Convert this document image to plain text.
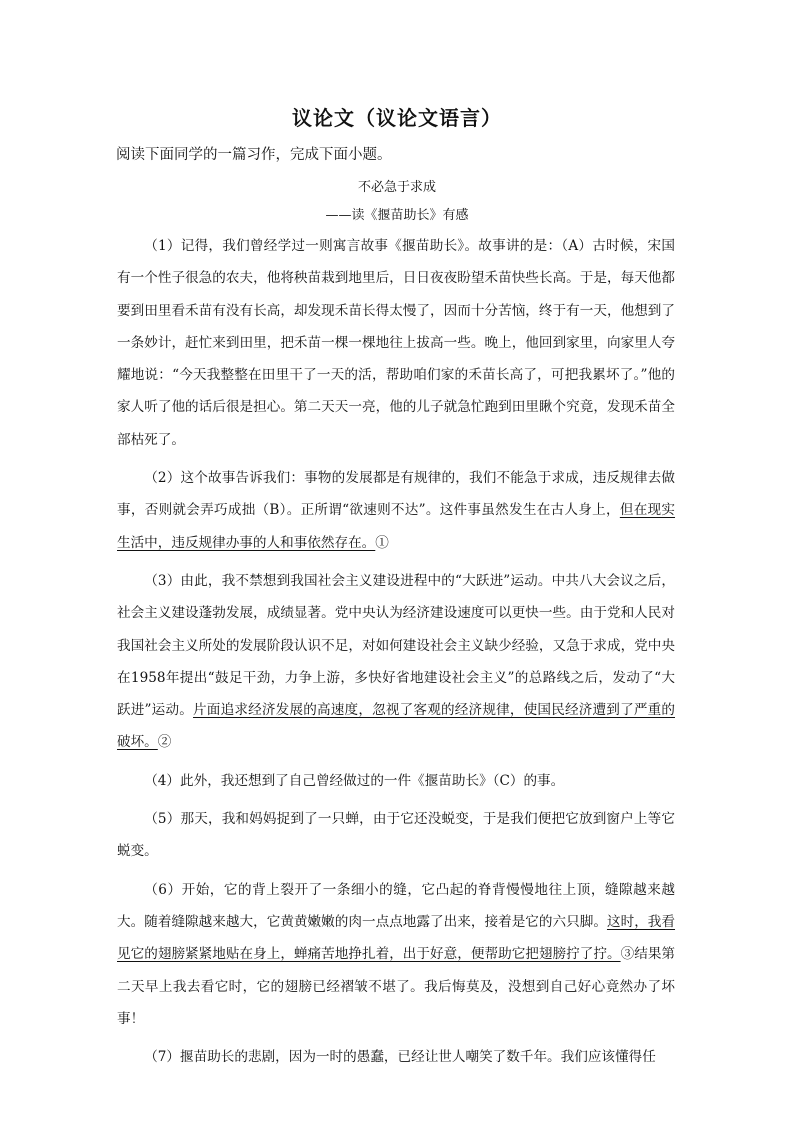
议论文（议论文语言）

阅读下面同学的一篇习作，完成下面小题。

不必急于求成

——读《揠苗助长》有感

（1）记得，我们曾经学过一则寓言故事《揠苗助长》。故事讲的是：（A）古时候，宋国有一个性子很急的农夫，他将秧苗栽到地里后，日日夜夜盼望禾苗快些长高。于是，每天他都要到田里看禾苗有没有长高，却发现禾苗长得太慢了，因而十分苦恼，终于有一天，他想到了一条妙计，赶忙来到田里，把禾苗一棵一棵地往上拔高一些。晚上，他回到家里，向家里人夸耀地说：“今天我整整在田里干了一天的活，帮助咱们家的禾苗长高了，可把我累坏了。”他的家人听了他的话后很是担心。第二天天一亮，他的儿子就急忙跑到田里瞅个究竟，发现禾苗全部枯死了。

（2）这个故事告诉我们：事物的发展都是有规律的，我们不能急于求成，违反规律去做事，否则就会弄巧成拙（B）。正所谓“欲速则不达”。这件事虽然发生在古人身上，但在现实生活中，违反规律办事的人和事依然存在。①

（3）由此，我不禁想到我国社会主义建设进程中的“大跃进”运动。中共八大会议之后，社会主义建设蓬勃发展，成绩显著。党中央认为经济建设速度可以更快一些。由于党和人民对我国社会主义所处的发展阶段认识不足，对如何建设社会主义缺少经验，又急于求成，党中央在1958年提出“鼓足干劲，力争上游，多快好省地建设社会主义”的总路线之后，发动了“大跃进”运动。片面追求经济发展的高速度，忽视了客观的经济规律，使国民经济遭到了严重的破坏。②

（4）此外，我还想到了自己曾经做过的一件《揠苗助长》（C）的事。

（5）那天，我和妈妈捉到了一只蝉，由于它还没蜕变，于是我们便把它放到窗户上等它蜕变。

（6）开始，它的背上裂开了一条细小的缝，它凸起的脊背慢慢地往上顶，缝隙越来越大。随着缝隙越来越大，它黄黄嫩嫩的肉一点点地露了出来，接着是它的六只脚。这时，我看见它的翅膀紧紧地贴在身上，蝉痛苦地挣扎着，出于好意，便帮助它把翅膀拧了拧。③结果第二天早上我去看它时，它的翅膀已经褶皱不堪了。我后悔莫及，没想到自己好心竟然办了坏事！

（7）揠苗助长的悲剧，因为一时的愚蠢，已经让世人嘲笑了数千年。我们应该懂得任
